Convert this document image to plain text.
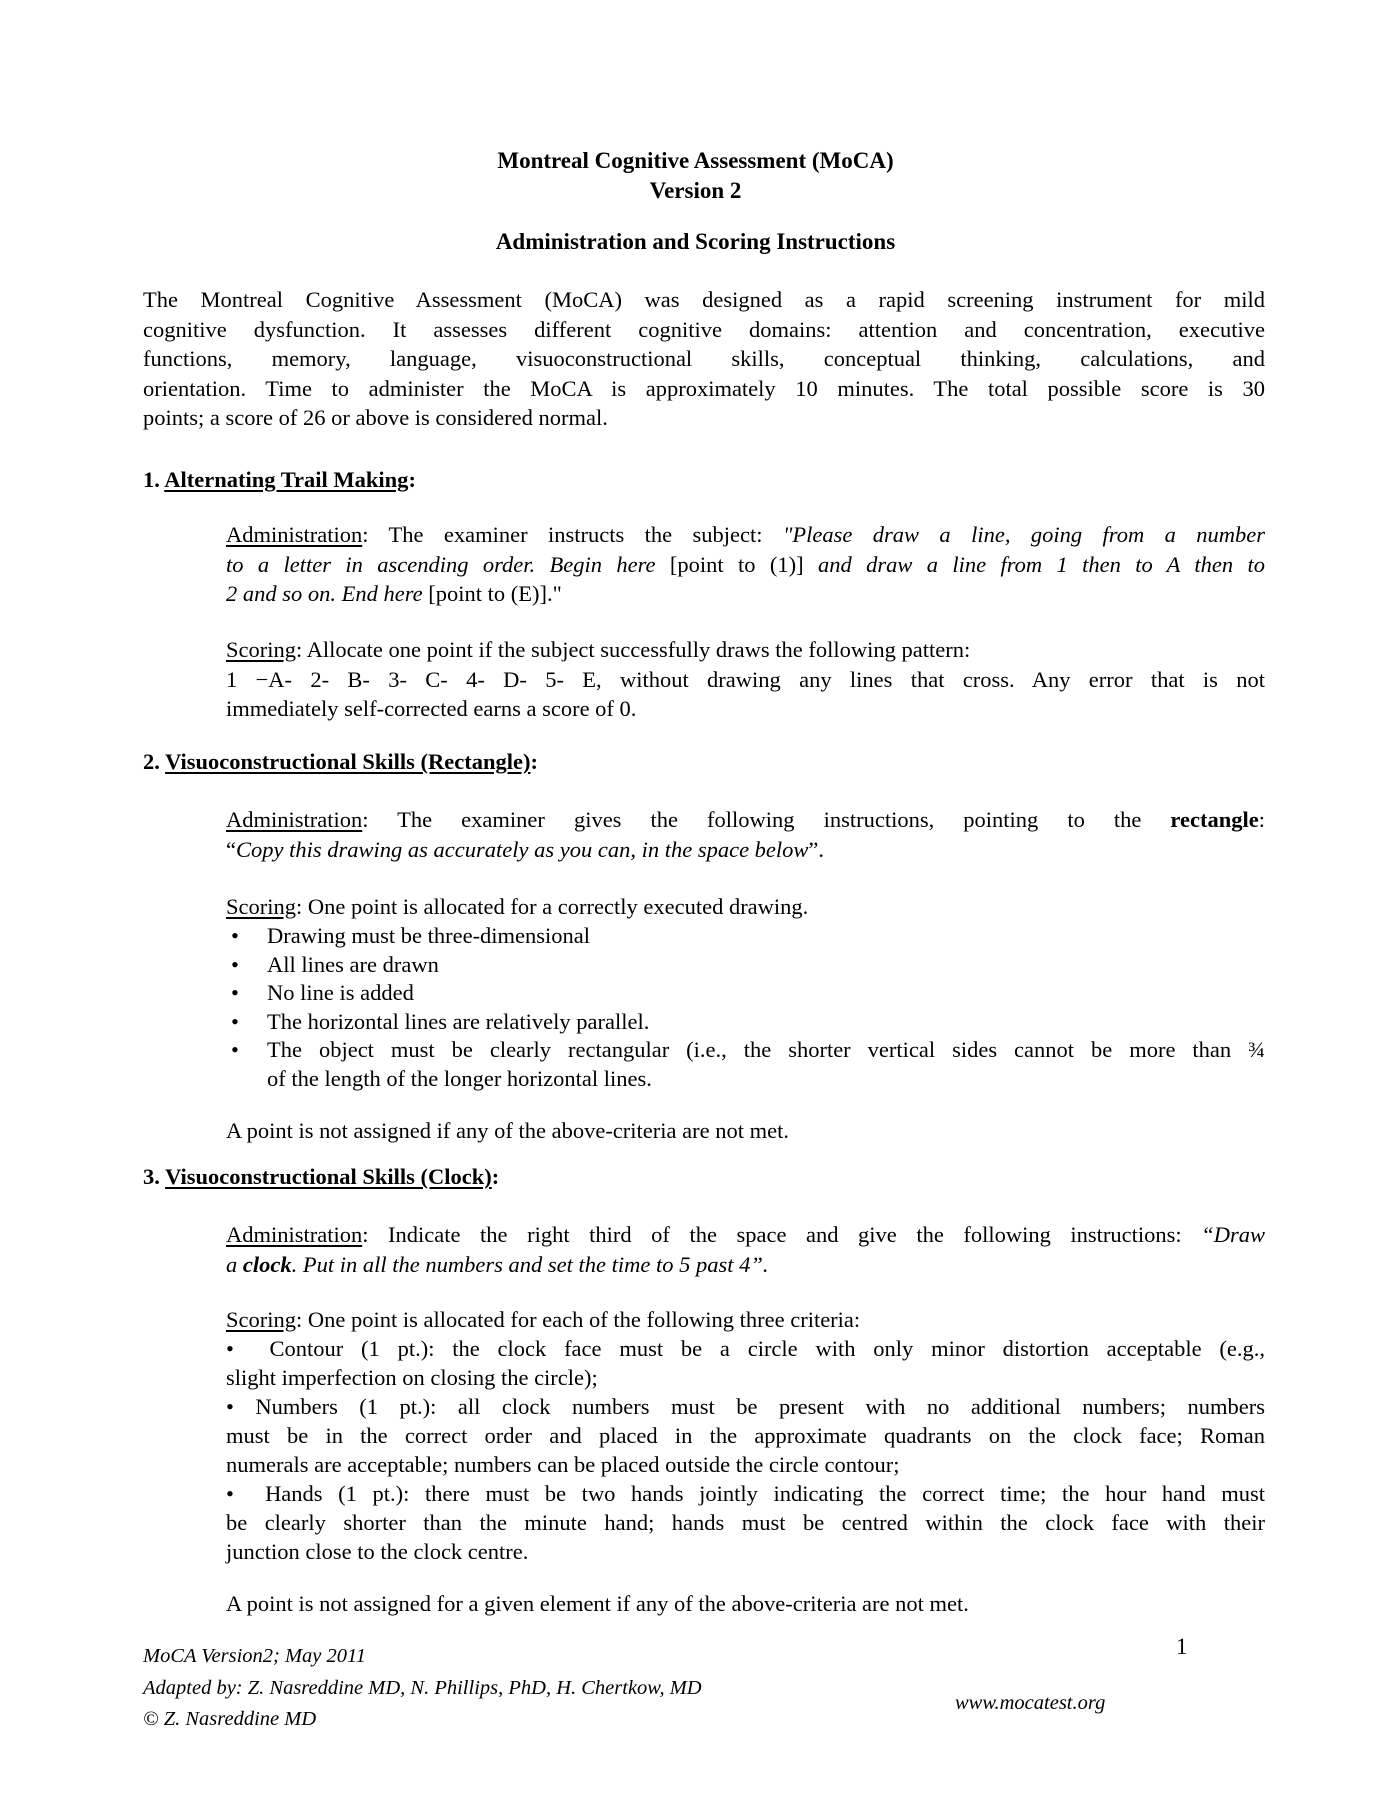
Montreal Cognitive Assessment (MoCA)
Version 2
Administration and Scoring Instructions
The Montreal Cognitive Assessment (MoCA) was designed as a rapid screening instrument for mild
cognitive dysfunction. It assesses different cognitive domains: attention and concentration, executive
functions, memory, language, visuoconstructional skills, conceptual thinking, calculations, and
orientation. Time to administer the MoCA is approximately 10 minutes. The total possible score is 30
points; a score of 26 or above is considered normal.
1. Alternating Trail Making:
Administration: The examiner instructs the subject: "Please draw a line, going from a number
to a letter in ascending order. Begin here [point to (1)] and draw a line from 1 then to A then to
2 and so on. End here [point to (E)]."
Scoring: Allocate one point if the subject successfully draws the following pattern:
1 −A- 2- B- 3- C- 4- D- 5- E, without drawing any lines that cross. Any error that is not
immediately self-corrected earns a score of 0.
2. Visuoconstructional Skills (Rectangle):
Administration: The examiner gives the following instructions, pointing to the rectangle:
“Copy this drawing as accurately as you can, in the space below”.
Scoring: One point is allocated for a correctly executed drawing.
• Drawing must be three-dimensional
• All lines are drawn
• No line is added
• The horizontal lines are relatively parallel.
• The object must be clearly rectangular (i.e., the shorter vertical sides cannot be more than ¾
of the length of the longer horizontal lines.
A point is not assigned if any of the above-criteria are not met.
3. Visuoconstructional Skills (Clock):
Administration: Indicate the right third of the space and give the following instructions: “Draw
a clock. Put in all the numbers and set the time to 5 past 4”.
Scoring: One point is allocated for each of the following three criteria:
•  Contour (1 pt.): the clock face must be a circle with only minor distortion acceptable (e.g.,
slight imperfection on closing the circle);
• Numbers (1 pt.): all clock numbers must be present with no additional numbers; numbers
must be in the correct order and placed in the approximate quadrants on the clock face; Roman
numerals are acceptable; numbers can be placed outside the circle contour;
•  Hands (1 pt.): there must be two hands jointly indicating the correct time; the hour hand must
be clearly shorter than the minute hand; hands must be centred within the clock face with their
junction close to the clock centre.
A point is not assigned for a given element if any of the above-criteria are not met.
MoCA Version2; May 2011
Adapted by: Z. Nasreddine MD, N. Phillips, PhD, H. Chertkow, MD
© Z. Nasreddine MD
1
www.mocatest.org
